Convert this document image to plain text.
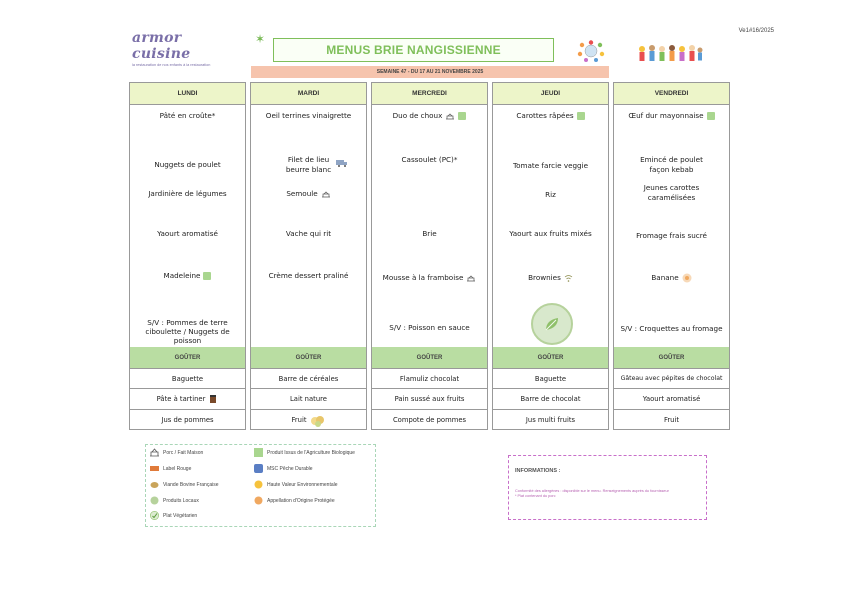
Ve1#16/2025
armor cuisine
la restauration de nos enfants à la restauration
✶
MENUS BRIE NANGISSIENNE
SEMAINE 47 - DU 17 AU 21 NOVEMBRE 2025
LUNDI
Pâté en croûte*
Nuggets de poulet
Jardinière de légumes
Yaourt aromatisé
Madeleine
S/V : Pommes de terre ciboulette / Nuggets de poisson
GOÛTER
Baguette
Pâte à tartiner
Jus de pommes
MARDI
Oeil terrines vinaigrette
Filet de lieu beurre blanc
Semoule
Vache qui rit
Crème dessert praliné
GOÛTER
Barre de céréales
Lait nature
Fruit
MERCREDI
Duo de choux
Cassoulet (PC)*
Brie
Mousse à la framboise
S/V : Poisson en sauce
GOÛTER
Flamuliz chocolat
Pain sussé aux fruits
Compote de pommes
JEUDI
Carottes râpées
Tomate farcie veggie
Riz
Yaourt aux fruits mixés
Brownies
GOÛTER
Baguette
Barre de chocolat
Jus multi fruits
VENDREDI
Œuf dur mayonnaise
Emincé de poulet façon kebab
Jeunes carottes caramélisées
Fromage frais sucré
Banane
S/V : Croquettes au fromage
GOÛTER
Gâteau avec pépites de chocolat
Yaourt aromatisé
Fruit
Porc / Fait Maison
Label Rouge
Viande Bovine Française
Produits Locaux
Plat Végétarien
Produit Issus de l'Agriculture Biologique
MSC Pêche Durable
Haute Valeur Environnementale
Appellation d'Origine Protégée
INFORMATIONS :
Conformité des allergènes : disponible sur le menu. Renseignements auprès du fournisseur
* Plat contenant du porc
